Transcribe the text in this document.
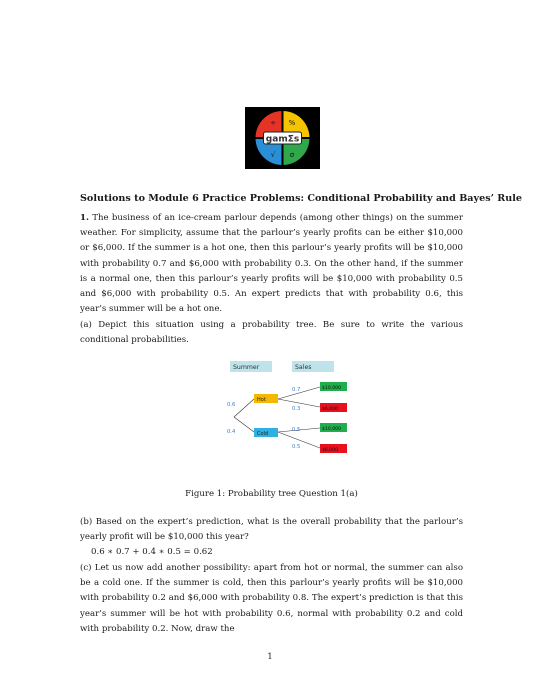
÷ %
√ σ
gamΣs
Solutions to Module 6 Practice Problems: Conditional Probability and Bayes’ Rule
1. The business of an ice-cream parlour depends (among other things) on the summer weather. For simplicity, assume that the parlour’s yearly profits can be either $10,000 or $6,000. If the summer is a hot one, then this parlour’s yearly profits will be $10,000 with probability 0.7 and $6,000 with probability 0.3. On the other hand, if the summer is a normal one, then this parlour’s yearly profits will be $10,000 with probability 0.5 and $6,000 with probability 0.5. An expert predicts that with probability 0.6, this year’s summer will be a hot one.
(a) Depict this situation using a probability tree. Be sure to write the various conditional probabilities.
Summer	Sales
Hot
Cold
$10,000
$6,000
$10,000
$6,000
0.6
0.4
0.7
0.3
0.5
0.5
Figure 1: Probability tree Question 1(a)
(b) Based on the expert’s prediction, what is the overall probability that the parlour’s yearly profit will be $10,000 this year?
0.6 ∗ 0.7 + 0.4 ∗ 0.5 = 0.62
(c) Let us now add another possibility: apart from hot or normal, the summer can also be a cold one. If the summer is cold, then this parlour’s yearly profits will be $10,000 with probability 0.2 and $6,000 with probability 0.8. The expert’s prediction is that this year’s summer will be hot with probability 0.6, normal with probability 0.2 and cold with probability 0.2. Now, draw the
1
